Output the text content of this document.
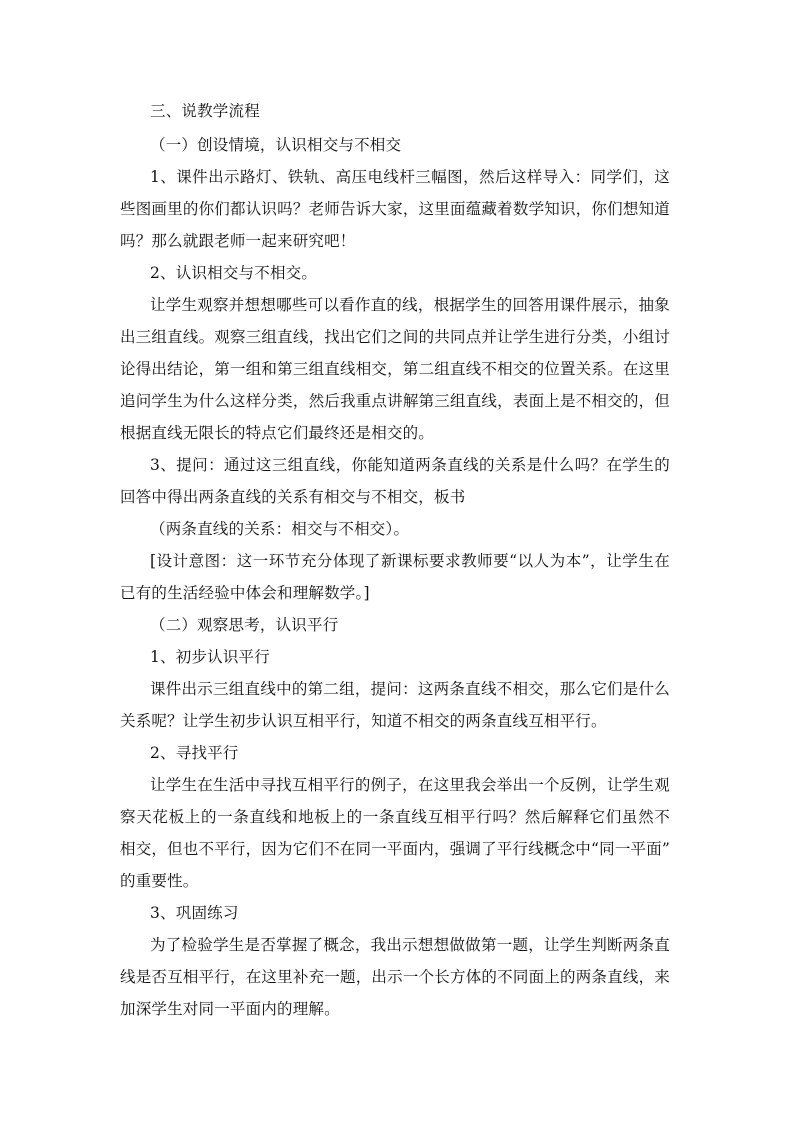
三、说教学流程
（一）创设情境，认识相交与不相交
1、课件出示路灯、铁轨、高压电线杆三幅图，然后这样导入：同学们，这
些图画里的你们都认识吗？老师告诉大家，这里面蕴藏着数学知识，你们想知道
吗？那么就跟老师一起来研究吧！
2、认识相交与不相交。
让学生观察并想想哪些可以看作直的线，根据学生的回答用课件展示，抽象
出三组直线。观察三组直线，找出它们之间的共同点并让学生进行分类，小组讨
论得出结论，第一组和第三组直线相交，第二组直线不相交的位置关系。在这里
追问学生为什么这样分类，然后我重点讲解第三组直线，表面上是不相交的，但
根据直线无限长的特点它们最终还是相交的。
3、提问：通过这三组直线，你能知道两条直线的关系是什么吗？在学生的
回答中得出两条直线的关系有相交与不相交，板书
（两条直线的关系：相交与不相交）。
[设计意图：这一环节充分体现了新课标要求教师要“以人为本”，让学生在
已有的生活经验中体会和理解数学。]
（二）观察思考，认识平行
1、初步认识平行
课件出示三组直线中的第二组，提问：这两条直线不相交，那么它们是什么
关系呢？让学生初步认识互相平行，知道不相交的两条直线互相平行。
2、寻找平行
让学生在生活中寻找互相平行的例子，在这里我会举出一个反例，让学生观
察天花板上的一条直线和地板上的一条直线互相平行吗？然后解释它们虽然不
相交，但也不平行，因为它们不在同一平面内，强调了平行线概念中“同一平面”
的重要性。
3、巩固练习
为了检验学生是否掌握了概念，我出示想想做做第一题，让学生判断两条直
线是否互相平行，在这里补充一题，出示一个长方体的不同面上的两条直线，来
加深学生对同一平面内的理解。
